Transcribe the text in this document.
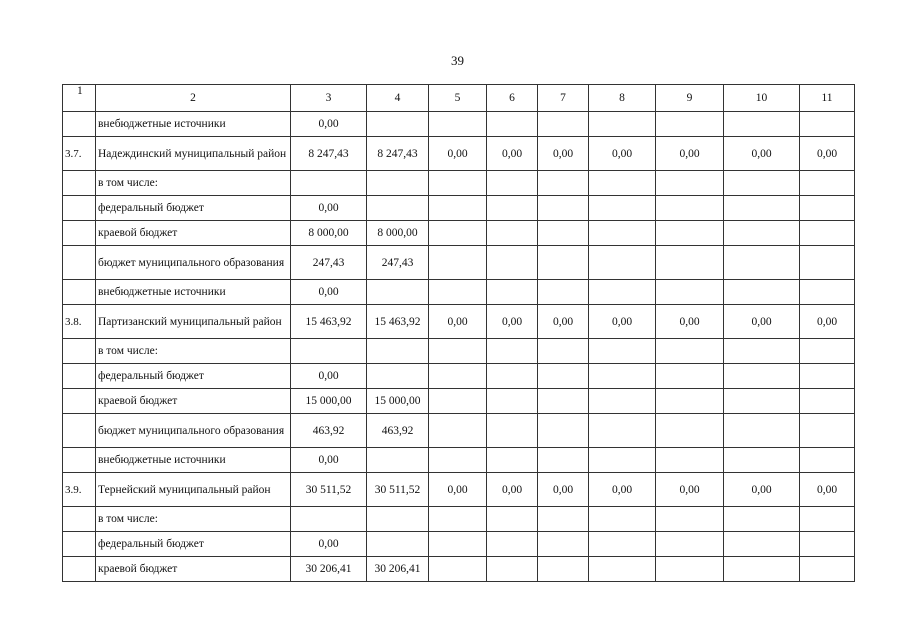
39
1	2	3	4	5	6	7	8	9	10	11
	внебюджетные источники	0,00								
3.7.	Надеждинский муниципальный район	8 247,43	8 247,43	0,00	0,00	0,00	0,00	0,00	0,00	0,00
	в том числе:									
	федеральный бюджет	0,00								
	краевой бюджет	8 000,00	8 000,00							
	бюджет муниципального образования	247,43	247,43							
	внебюджетные источники	0,00								
3.8.	Партизанский муниципальный район	15 463,92	15 463,92	0,00	0,00	0,00	0,00	0,00	0,00	0,00
	в том числе:									
	федеральный бюджет	0,00								
	краевой бюджет	15 000,00	15 000,00							
	бюджет муниципального образования	463,92	463,92							
	внебюджетные источники	0,00								
3.9.	Тернейский муниципальный район	30 511,52	30 511,52	0,00	0,00	0,00	0,00	0,00	0,00	0,00
	в том числе:									
	федеральный бюджет	0,00								
	краевой бюджет	30 206,41	30 206,41							
